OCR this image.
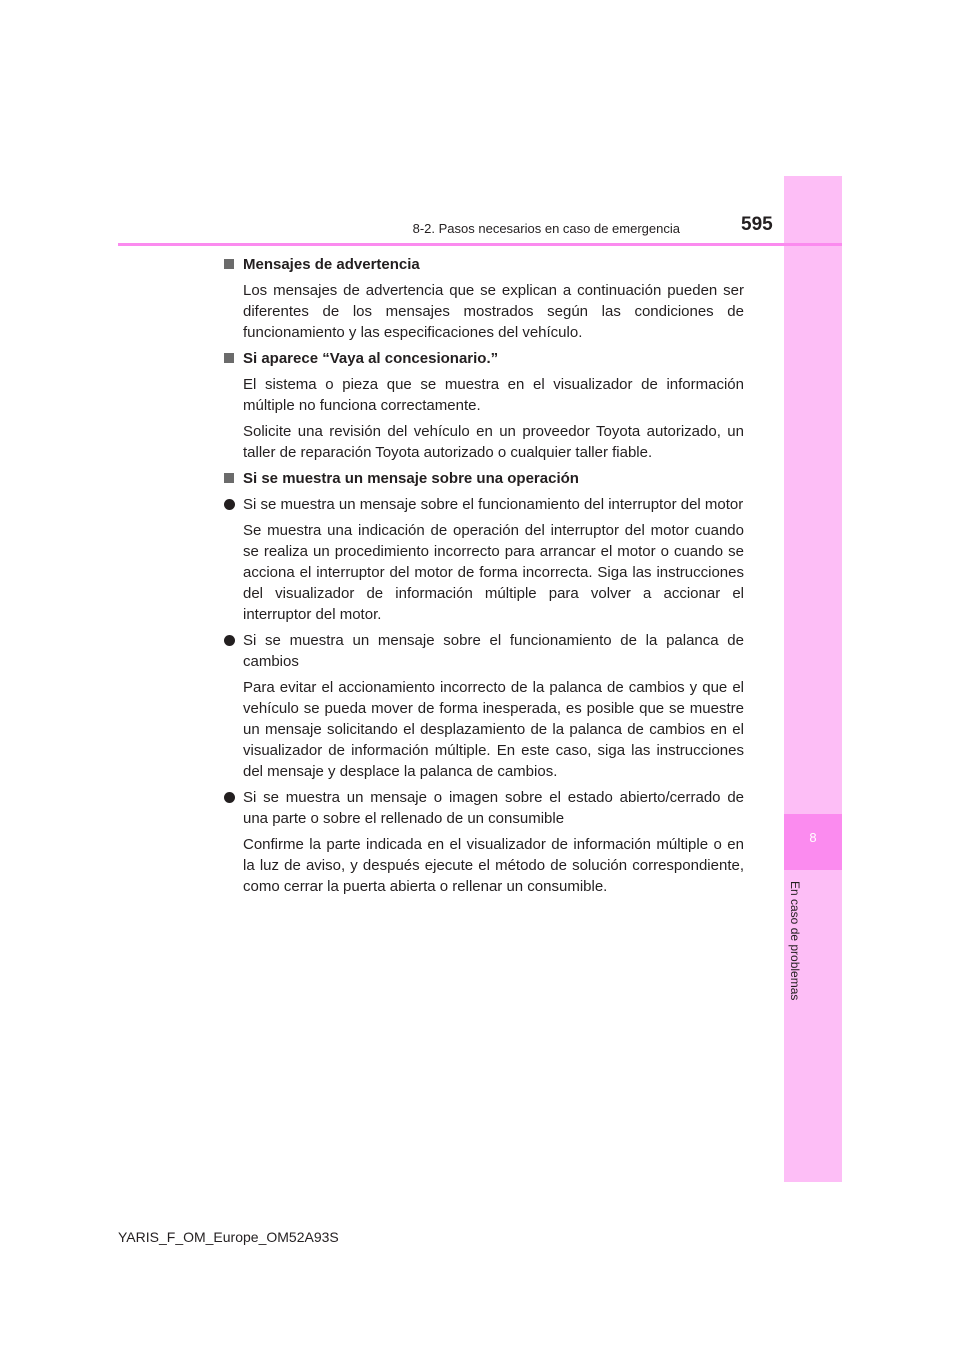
8
En caso de problemas
8-2. Pasos necesarios en caso de emergencia	595
Mensajes de advertencia

Los mensajes de advertencia que se explican a continuación pueden ser diferentes de los mensajes mostrados según las condiciones de funcionamiento y las especificaciones del vehículo.

Si aparece “Vaya al concesionario.”

El sistema o pieza que se muestra en el visualizador de información múltiple no funciona correctamente.

Solicite una revisión del vehículo en un proveedor Toyota autorizado, un taller de reparación Toyota autorizado o cualquier taller fiable.

Si se muestra un mensaje sobre una operación
Si se muestra un mensaje sobre el funcionamiento del interruptor del motor

Se muestra una indicación de operación del interruptor del motor cuando se realiza un procedimiento incorrecto para arrancar el motor o cuando se acciona el interruptor del motor de forma incorrecta. Siga las instrucciones del visualizador de información múltiple para volver a accionar el interruptor del motor.

Si se muestra un mensaje sobre el funcionamiento de la palanca de cambios

Para evitar el accionamiento incorrecto de la palanca de cambios y que el vehículo se pueda mover de forma inesperada, es posible que se muestre un mensaje solicitando el desplazamiento de la palanca de cambios en el visualizador de información múltiple. En este caso, siga las instrucciones del mensaje y desplace la palanca de cambios.

Si se muestra un mensaje o imagen sobre el estado abierto/cerrado de una parte o sobre el rellenado de un consumible

Confirme la parte indicada en el visualizador de información múltiple o en la luz de aviso, y después ejecute el método de solución correspondiente, como cerrar la puerta abierta o rellenar un consumible.

YARIS_F_OM_Europe_OM52A93S
